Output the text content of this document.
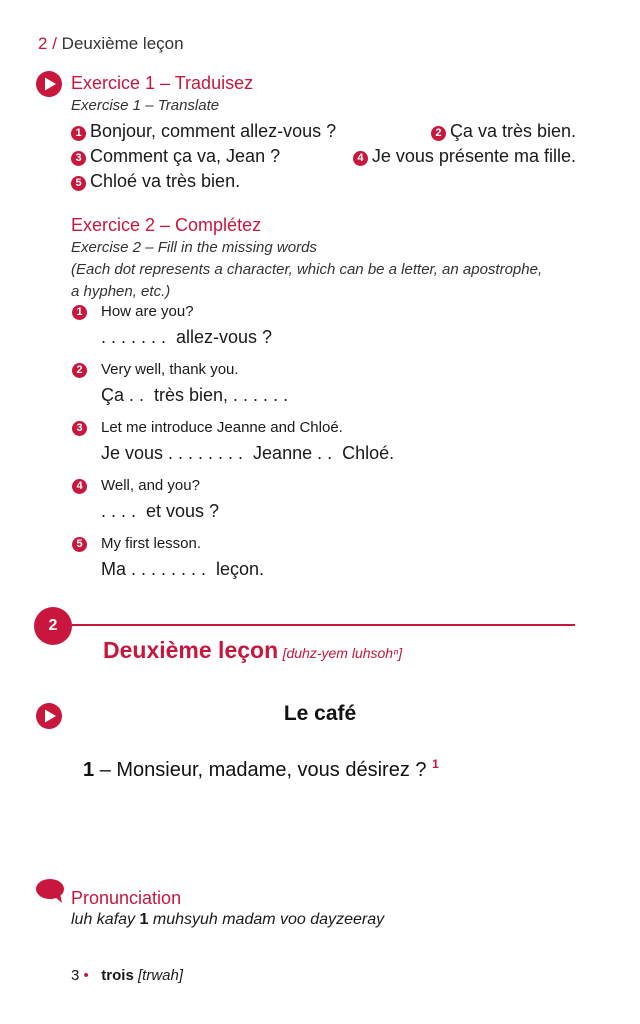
2 / Deuxième leçon
Exercice 1 – Traduisez
Exercise 1 – Translate
1 Bonjour, comment allez-vous ?	2 Ça va très bien.
3 Comment ça va, Jean ?	4 Je vous présente ma fille.
5 Chloé va très bien.
Exercice 2 – Complétez
Exercise 2 – Fill in the missing words
(Each dot represents a character, which can be a letter, an apostrophe,
a hyphen, etc.)
1 How are you?
. . . . . . .  allez-vous ?
2 Very well, thank you.
Ça . .  très bien, . . . . . .
3 Let me introduce Jeanne and Chloé.
Je vous . . . . . . . .  Jeanne . .  Chloé.
4 Well, and you?
. . . .  et vous ?
5 My first lesson.
Ma . . . . . . . .  leçon.
2
Deuxième leçon [duhz-yem luhsohⁿ]
Le café
1 – Monsieur, madame, vous désirez ? $^1$
Pronunciation
luh kafay 1 muhsyuh madam voo dayzeeray
3 • trois [trwah]
